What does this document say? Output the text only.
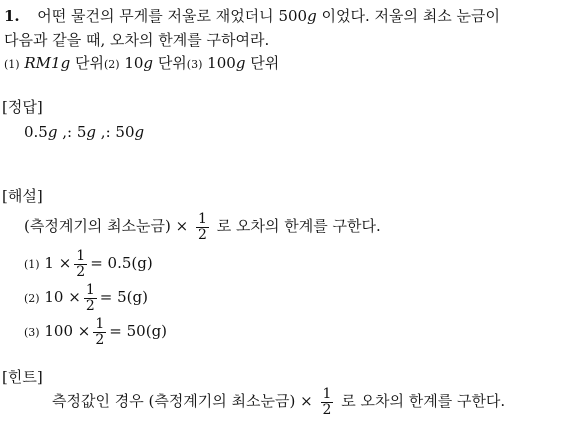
1. 어떤 물건의 무게를 저울로 재었더니 500g 이었다. 저울의 최소 눈금이
다음과 같을 때, 오차의 한계를 구하여라.
(1) RM1g 단위(2) 10g 단위(3) 100g 단위
[정답]
0.5g ,: 5g ,: 50g
[해설]
(측정계기의 최소눈금) × $\frac{1}{2}$ 로 오차의 한계를 구한다.
(1) $1 \times \frac{1}{2} = 0.5(g)$
(2) $10 \times \frac{1}{2} = 5(g)$
(3) $100 \times \frac{1}{2} = 50(g)$
[힌트]
측정값인 경우 (측정계기의 최소눈금) × $\frac{1}{2}$ 로 오차의 한계를 구한다.
